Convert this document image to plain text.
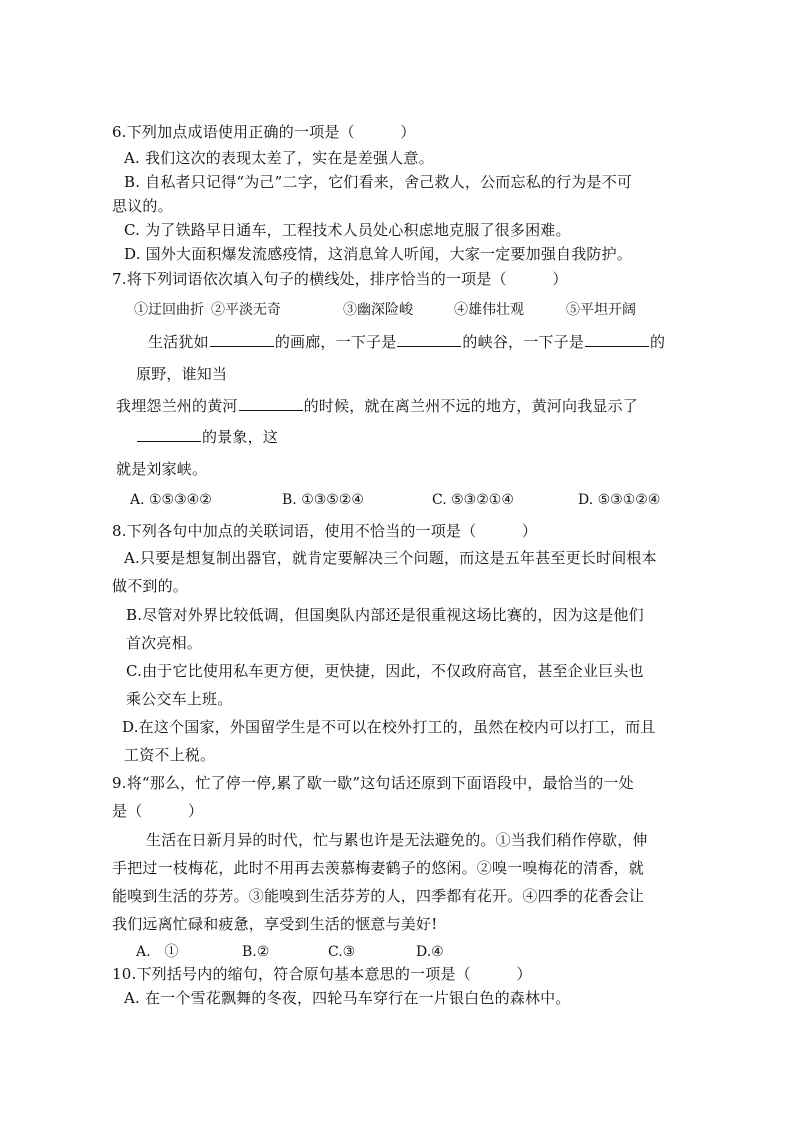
6.下列加点成语使用正确的一项是（　　　）
A. 我们这次的表现太差了，实在是差强人意。
B. 自私者只记得“为己”二字，它们看来，舍己救人，公而忘私的行为是不可
思议的。
C. 为了铁路早日通车，工程技术人员处心积虑地克服了很多困难。
D. 国外大面积爆发流感疫情，这消息耸人听闻，大家一定要加强自我防护。
7.将下列词语依次填入句子的横线处，排序恰当的一项是（　　　）
①迂回曲折 ②平淡无奇	③幽深险峻	④雄伟壮观	⑤平坦开阔
生活犹如	的画廊，一下子是	的峡谷，一下子是	的
原野，谁知当
我埋怨兰州的黄河	的时候，就在离兰州不远的地方，黄河向我显示了
的景象，这
就是刘家峡。
A. ①⑤③④②	B. ①③⑤②④	C. ⑤③②①④	D. ⑤③①②④
8.下列各句中加点的关联词语，使用不恰当的一项是（　　　）
A.只要是想复制出器官，就肯定要解决三个问题，而这是五年甚至更长时间根本
做不到的。
B.尽管对外界比较低调，但国奥队内部还是很重视这场比赛的，因为这是他们
首次亮相。
C.由于它比使用私车更方便，更快捷，因此，不仅政府高官，甚至企业巨头也
乘公交车上班。
D.在这个国家，外国留学生是不可以在校外打工的，虽然在校内可以打工，而且
工资不上税。
9.将“那么，忙了停一停,累了歇一歇”这句话还原到下面语段中，最恰当的一处
是（　　　）
生活在日新月异的时代，忙与累也许是无法避免的。①当我们稍作停歇，伸
手把过一枝梅花，此时不用再去羡慕梅妻鹤子的悠闲。②嗅一嗅梅花的清香，就
能嗅到生活的芬芳。③能嗅到生活芬芳的人，四季都有花开。④四季的花香会让
我们远离忙碌和疲惫，享受到生活的惬意与美好!
A.　①	B.②	C.③	D.④
10.下列括号内的缩句，符合原句基本意思的一项是（　　　）
A. 在一个雪花飘舞的冬夜，四轮马车穿行在一片银白色的森林中。
